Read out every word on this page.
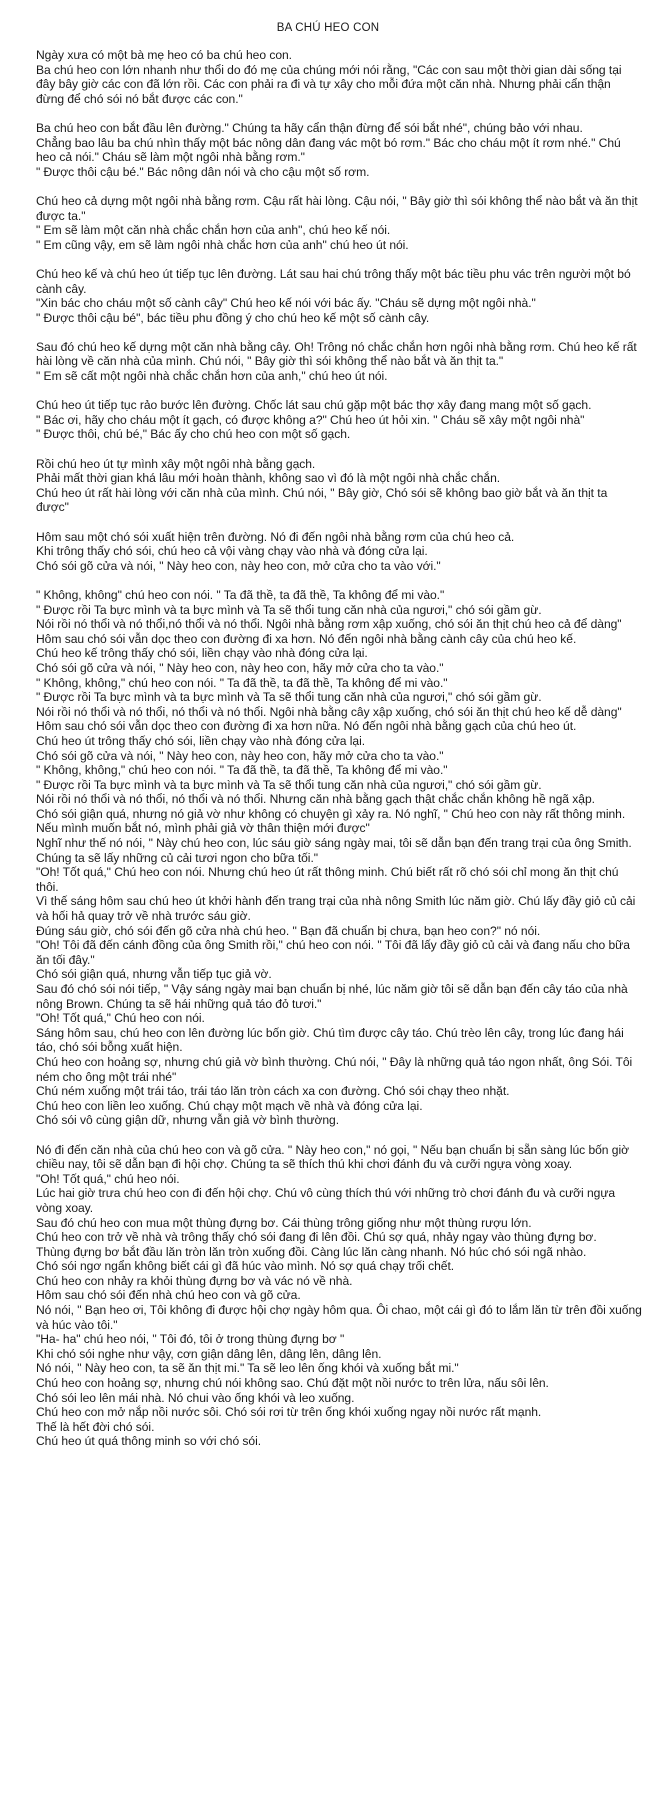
BA CHÚ HEO CON
Ngày xưa có một bà mẹ heo có ba chú heo con.
Ba chú heo con lớn nhanh như thổi do đó mẹ của chúng mới nói rằng, "Các con sau một thời gian dài sống tại đây bây giờ các con đã lớn rồi. Các con phải ra đi và tự xây cho mỗi đứa một căn nhà. Nhưng phải cẩn thận đừng để chó sói nó bắt được các con."
Ba chú heo con bắt đầu lên đường." Chúng ta hãy cẩn thận đừng để sói bắt nhé", chúng bảo với nhau.
Chẳng bao lâu ba chú nhìn thấy một bác nông dân đang vác một bó rơm." Bác cho cháu một ít rơm nhé." Chú heo cả nói." Cháu sẽ làm một ngôi nhà bằng rơm."
" Được thôi cậu bé." Bác nông dân nói và cho cậu một số rơm.
Chú heo cả dựng một ngôi nhà bằng rơm. Cậu rất hài lòng. Cậu nói, " Bây giờ thì sói không thể nào bắt và ăn thịt được ta."
" Em sẽ làm một căn nhà chắc chắn hơn của anh", chú heo kế nói.
" Em cũng vậy, em sẽ làm ngôi nhà chắc hơn của anh" chú heo út nói.
Chú heo kế và chú heo út tiếp tục lên đường. Lát sau hai chú trông thấy một bác tiều phu vác trên người một bó cành cây.
"Xin bác cho cháu một số cành cây" Chú heo kế nói với bác ấy. "Cháu sẽ dựng một ngôi nhà."
" Được thôi cậu bé", bác tiều phu đồng ý cho chú heo kế một số cành cây.
Sau đó chú heo kế dựng một căn nhà bằng cây. Oh! Trông nó chắc chắn hơn ngôi nhà bằng rơm. Chú heo kế rất hài lòng về căn nhà của mình. Chú nói, " Bây giờ thì sói không thể nào bắt và ăn thịt ta."
" Em sẽ cất một ngôi nhà chắc chắn hơn của anh," chú heo út nói.
Chú heo út tiếp tục rảo bước lên đường. Chốc lát sau chú gặp một bác thợ xây đang mang một số gạch.
" Bác ơi, hãy cho cháu một ít gạch, có được không a?" Chú heo út hỏi xin. " Cháu sẽ xây một ngôi nhà"
" Được thôi, chú bé," Bác ấy cho chú heo con một số gạch.
Rồi chú heo út tự mình xây một ngôi nhà bằng gạch.
Phải mất thời gian khá lâu mới hoàn thành, không sao vì đó là một ngôi nhà chắc chắn.
Chú heo út rất hài lòng với căn nhà của mình. Chú nói, " Bây giờ, Chó sói sẽ không bao giờ bắt và ăn thịt ta được"
Hôm sau một chó sói xuất hiện trên đường. Nó đi đến ngôi nhà bằng rơm của chú heo cả.
Khi trông thấy chó sói, chú heo cả vội vàng chạy vào nhà và đóng cửa lại.
Chó sói gõ cửa và nói, " Này heo con, này heo con, mở cửa cho ta vào với."
" Không, không" chú heo con nói. " Ta đã thề, ta đã thề, Ta không để mi vào."
" Được rồi Ta bực mình và ta bực mình và Ta sẽ thổi tung căn nhà của ngươi," chó sói gầm gừ.
Nói rồi nó thổi và nó thổi,nó thổi và nó thổi. Ngôi nhà bằng rơm xập xuống, chó sói ăn thịt chú heo cả để dàng"
Hôm sau chó sói vẫn dọc theo con đường đi xa hơn. Nó đến ngôi nhà bằng cành cây của chú heo kế.
Chú heo kế trông thấy chó sói, liền chạy vào nhà đóng cửa lại.
Chó sói gõ cửa và nói, " Này heo con, này heo con, hãy mở cửa cho ta vào."
" Không, không," chú heo con nói. " Ta đã thề, ta đã thề, Ta không để mi vào."
" Được rồi Ta bực mình và ta bực mình và Ta sẽ thổi tung căn nhà của ngươi," chó sói gầm gừ.
Nói rồi nó thổi và nó thổi, nó thổi và nó thổi. Ngôi nhà bằng cây xập xuống, chó sói ăn thịt chú heo kế dễ dàng"
Hôm sau chó sói vẫn dọc theo con đường đi xa hơn nữa. Nó đến ngôi nhà bằng gạch của chú heo út.
Chú heo út trông thấy chó sói, liền chạy vào nhà đóng cửa lại.
Chó sói gõ cửa và nói, " Này heo con, này heo con, hãy mở cửa cho ta vào."
" Không, không," chú heo con nói. " Ta đã thề, ta đã thề, Ta không để mi vào."
" Được rồi Ta bực mình và ta bực mình và Ta sẽ thổi tung căn nhà của ngươi," chó sói gầm gừ.
Nói rồi nó thổi và nó thổi, nó thổi và nó thổi. Nhưng căn nhà bằng gạch thật chắc chắn không hề ngã xập.
Chó sói giận quá, nhưng nó giả vờ như không có chuyện gì xảy ra. Nó nghĩ, " Chú heo con này rất thông minh. Nếu mình muốn bắt nó, mình phải giả vờ thân thiện mới được"
Nghĩ như thế nó nói, " Này chú heo con, lúc sáu giờ sáng ngày mai, tôi sẽ dẫn bạn đến trang trại của ông Smith. Chúng ta sẽ lấy những củ cải tươi ngon cho bữa tối."
"Oh! Tốt quá," Chú heo con nói. Nhưng chú heo út rất thông minh. Chú biết rất rõ chó sói chỉ mong ăn thịt chú thôi.
Vì thế sáng hôm sau chú heo út khởi hành đến trang trại của nhà nông Smith lúc năm giờ. Chú lấy đầy giỏ củ cải và hối hả quay trở về nhà trước sáu giờ.
Đúng sáu giờ, chó sói đến gõ cửa nhà chú heo. " Bạn đã chuẩn bị chưa, bạn heo con?" nó nói.
"Oh! Tôi đã đến cánh đồng của ông Smith rồi," chú heo con nói. " Tôi đã lấy đầy giỏ củ cải và đang nấu cho bữa ăn tối đây."
Chó sói giận quá, nhưng vẫn tiếp tục giả vờ.
Sau đó chó sói nói tiếp, " Vậy sáng ngày mai bạn chuẩn bị nhé, lúc năm giờ tôi sẽ dẫn bạn đến cây táo của nhà nông Brown. Chúng ta sẽ hái những quả táo đỏ tươi."
"Oh! Tốt quá," Chú heo con nói.
Sáng hôm sau, chú heo con lên đường lúc bốn giờ. Chú tìm được cây táo. Chú trèo lên cây, trong lúc đang hái táo, chó sói bỗng xuất hiện.
Chú heo con hoảng sợ, nhưng chú giả vờ bình thường. Chú nói, " Đây là những quả táo ngon nhất, ông Sói. Tôi ném cho ông một trái nhé"
Chú ném xuống một trái táo, trái táo lăn tròn cách xa con đường. Chó sói chạy theo nhặt.
Chú heo con liền leo xuống. Chú chạy một mạch về nhà và đóng cửa lại.
Chó sói vô cùng giận dữ, nhưng vẫn giả vờ bình thường.
Nó đi đến căn nhà của chú heo con và gõ cửa. " Này heo con," nó gọi, " Nếu bạn chuẩn bị sẵn sàng lúc bốn giờ chiều nay, tôi sẽ dẫn bạn đi hội chợ. Chúng ta sẽ thích thú khi chơi đánh đu và cưỡi ngựa vòng xoay.
"Oh! Tốt quá," chú heo nói.
Lúc hai giờ trưa chú heo con đi đến hội chợ. Chú vô cùng thích thú với những trò chơi đánh đu và cưỡi ngựa vòng xoay.
Sau đó chú heo con mua một thùng đựng bơ. Cái thùng trông giống như một thùng rượu lớn.
Chú heo con trở về nhà và trông thấy chó sói đang đi lên đồi. Chú sợ quá, nhảy ngay vào thùng đựng bơ.
Thùng đựng bơ bắt đầu lăn tròn lăn tròn xuống đồi. Càng lúc lăn càng nhanh. Nó húc chó sói ngã nhào.
Chó sói ngơ ngẩn không biết cái gì đã húc vào mình. Nó sợ quá chạy trối chết.
Chú heo con nhảy ra khỏi thùng đựng bơ và vác nó về nhà.
Hôm sau chó sói đến nhà chú heo con và gõ cửa.
Nó nói, " Bạn heo ơi, Tôi không đi được hội chợ ngày hôm qua. Ôi chao, một cái gì đó to lắm lăn từ trên đồi xuống và húc vào tôi."
"Ha- ha" chú heo nói, " Tôi đó, tôi ở trong thùng đựng bơ "
Khi chó sói nghe như vậy, cơn giận dâng lên, dâng lên, dâng lên.
Nó nói, " Này heo con, ta sẽ ăn thịt mi." Ta sẽ leo lên ống khói và xuống bắt mi."
Chú heo con hoảng sợ, nhưng chú nói không sao. Chú đặt một nồi nước to trên lửa, nấu sôi lên.
Chó sói leo lên mái nhà. Nó chui vào ống khói và leo xuống.
Chú heo con mở nắp nồi nước sôi. Chó sói rơi từ trên ống khói xuống ngay nồi nước rất mạnh.
Thế là hết đời chó sói.
Chú heo út quá thông minh so với chó sói.
